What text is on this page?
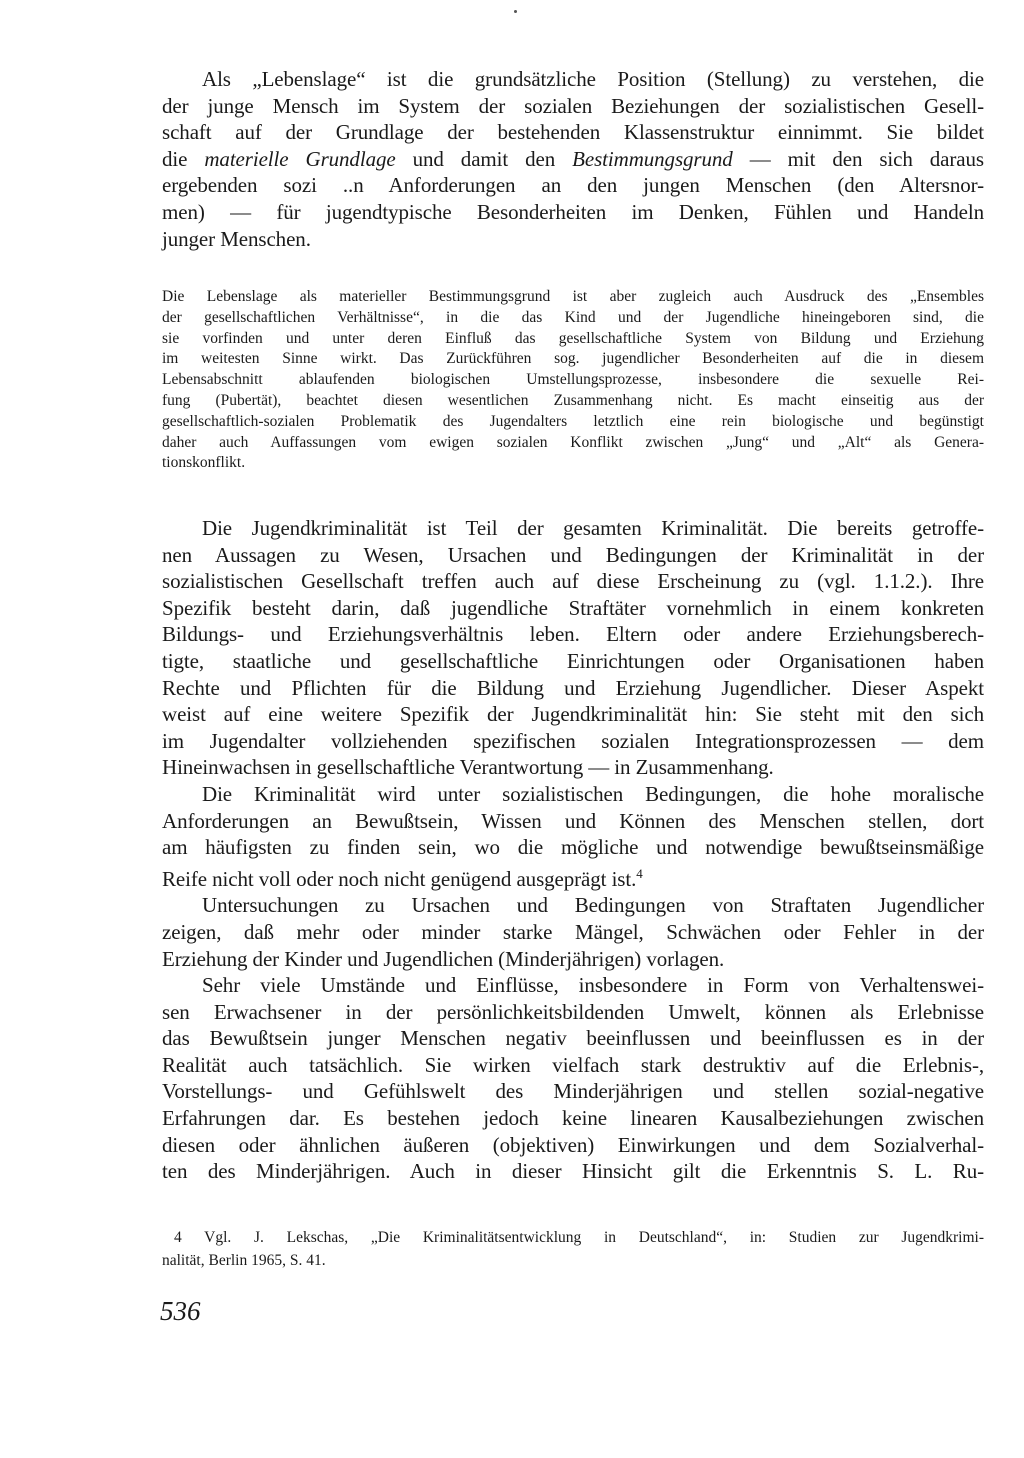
Als „Lebenslage“ ist die grundsätzliche Position (Stellung) zu verstehen, die
der junge Mensch im System der sozialen Beziehungen der sozialistischen Gesell-
schaft auf der Grundlage der bestehenden Klassenstruktur einnimmt. Sie bildet
die materielle Grundlage und damit den Bestimmungsgrund — mit den sich daraus
ergebenden sozi ..n Anforderungen an den jungen Menschen (den Altersnor-
men) — für jugendtypische Besonderheiten im Denken, Fühlen und Handeln
junger Menschen.
Die Lebenslage als materieller Bestimmungsgrund ist aber zugleich auch Ausdruck des „Ensembles
der gesellschaftlichen Verhältnisse“, in die das Kind und der Jugendliche hineingeboren sind, die
sie vorfinden und unter deren Einfluß das gesellschaftliche System von Bildung und Erziehung
im weitesten Sinne wirkt. Das Zurückführen sog. jugendlicher Besonderheiten auf die in diesem
Lebensabschnitt ablaufenden biologischen Umstellungsprozesse, insbesondere die sexuelle Rei-
fung (Pubertät), beachtet diesen wesentlichen Zusammenhang nicht. Es macht einseitig aus der
gesellschaftlich-sozialen Problematik des Jugendalters letztlich eine rein biologische und begünstigt
daher auch Auffassungen vom ewigen sozialen Konflikt zwischen „Jung“ und „Alt“ als Genera-
tionskonflikt.
Die Jugendkriminalität ist Teil der gesamten Kriminalität. Die bereits getroffe-
nen Aussagen zu Wesen, Ursachen und Bedingungen der Kriminalität in der
sozialistischen Gesellschaft treffen auch auf diese Erscheinung zu (vgl. 1.1.2.). Ihre
Spezifik besteht darin, daß jugendliche Straftäter vornehmlich in einem konkreten
Bildungs- und Erziehungsverhältnis leben. Eltern oder andere Erziehungsberech-
tigte, staatliche und gesellschaftliche Einrichtungen oder Organisationen haben
Rechte und Pflichten für die Bildung und Erziehung Jugendlicher. Dieser Aspekt
weist auf eine weitere Spezifik der Jugendkriminalität hin: Sie steht mit den sich
im Jugendalter vollziehenden spezifischen sozialen Integrationsprozessen — dem
Hineinwachsen in gesellschaftliche Verantwortung — in Zusammenhang.
Die Kriminalität wird unter sozialistischen Bedingungen, die hohe moralische
Anforderungen an Bewußtsein, Wissen und Können des Menschen stellen, dort
am häufigsten zu finden sein, wo die mögliche und notwendige bewußtseinsmäßige
Reife nicht voll oder noch nicht genügend ausgeprägt ist.$^4$
Untersuchungen zu Ursachen und Bedingungen von Straftaten Jugendlicher
zeigen, daß mehr oder minder starke Mängel, Schwächen oder Fehler in der
Erziehung der Kinder und Jugendlichen (Minderjährigen) vorlagen.
Sehr viele Umstände und Einflüsse, insbesondere in Form von Verhaltenswei-
sen Erwachsener in der persönlichkeitsbildenden Umwelt, können als Erlebnisse
das Bewußtsein junger Menschen negativ beeinflussen und beeinflussen es in der
Realität auch tatsächlich. Sie wirken vielfach stark destruktiv auf die Erlebnis-,
Vorstellungs- und Gefühlswelt des Minderjährigen und stellen sozial-negative
Erfahrungen dar. Es bestehen jedoch keine linearen Kausalbeziehungen zwischen
diesen oder ähnlichen äußeren (objektiven) Einwirkungen und dem Sozialverhal-
ten des Minderjährigen. Auch in dieser Hinsicht gilt die Erkenntnis S. L. Ru-
4 Vgl. J. Lekschas, „Die Kriminalitätsentwicklung in Deutschland“, in: Studien zur Jugendkrimi-
nalität, Berlin 1965, S. 41.
536
